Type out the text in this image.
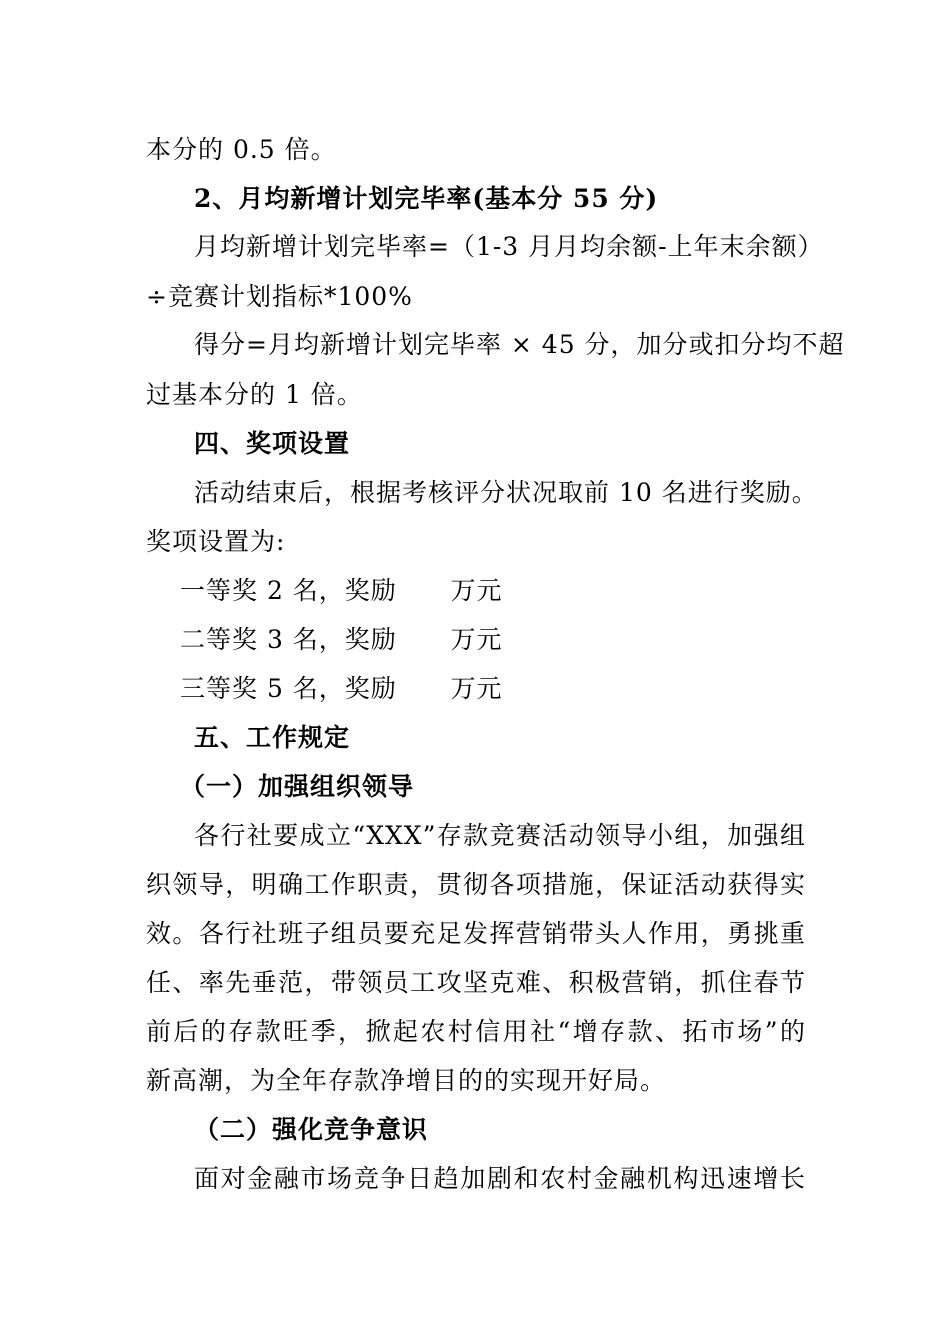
本分的 0.5 倍。
2、月均新增计划完毕率(基本分 55 分)
月均新增计划完毕率=（1-3 月月均余额-上年末余额）
÷竞赛计划指标*100%
得分=月均新增计划完毕率 × 45 分，加分或扣分均不超
过基本分的 1 倍。
四、奖项设置
活动结束后，根据考核评分状况取前 10 名进行奖励。
奖项设置为:
一等奖 2 名，奖励      万元
二等奖 3 名，奖励      万元
三等奖 5 名，奖励      万元
五、工作规定
（一）加强组织领导
各行社要成立“XXX”存款竞赛活动领导小组，加强组
织领导，明确工作职责，贯彻各项措施，保证活动获得实
效。各行社班子组员要充足发挥营销带头人作用，勇挑重
任、率先垂范，带领员工攻坚克难、积极营销，抓住春节
前后的存款旺季，掀起农村信用社“增存款、拓市场”的
新高潮，为全年存款净增目的的实现开好局。
（二）强化竞争意识
面对金融市场竞争日趋加剧和农村金融机构迅速增长
